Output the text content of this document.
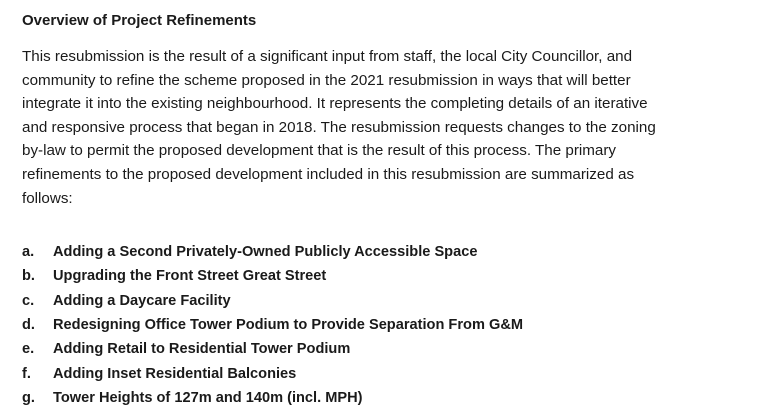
Overview of Project Refinements

This resubmission is the result of a significant input from staff, the local City Councillor, and
community to refine the scheme proposed in the 2021 resubmission in ways that will better
integrate it into the existing neighbourhood. It represents the completing details of an iterative
and responsive process that began in 2018. The resubmission requests changes to the zoning
by-law to permit the proposed development that is the result of this process. The primary
refinements to the proposed development included in this resubmission are summarized as
follows:

a.	Adding a Second Privately-Owned Publicly Accessible Space
b.	Upgrading the Front Street Great Street
c.	Adding a Daycare Facility
d.	Redesigning Office Tower Podium to Provide Separation From G&M
e.	Adding Retail to Residential Tower Podium
f.	Adding Inset Residential Balconies
g.	Tower Heights of 127m and 140m (incl. MPH)
